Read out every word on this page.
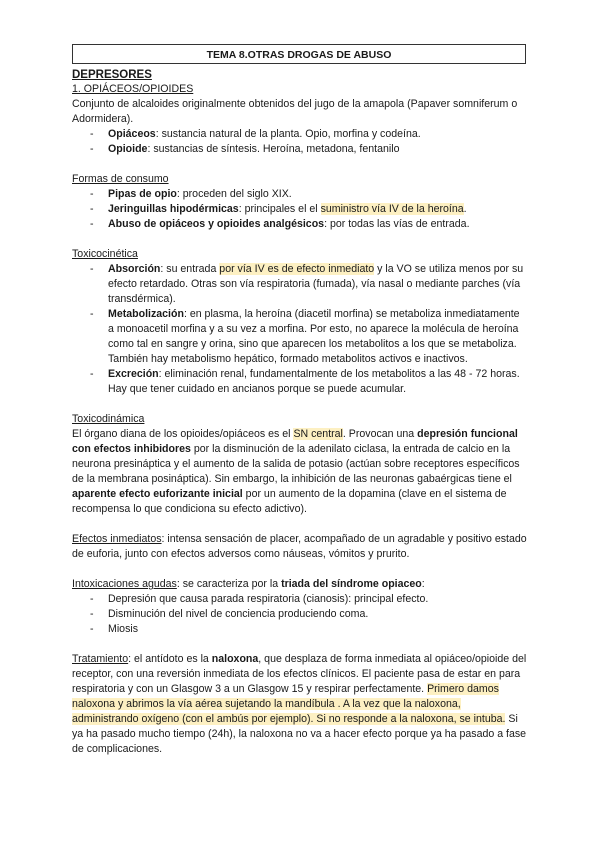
TEMA 8.OTRAS DROGAS DE ABUSO

DEPRESORES

1. OPIÁCEOS/OPIOIDES

Conjunto de alcaloides originalmente obtenidos del jugo de la amapola (Papaver somniferum o Adormidera).

- Opiáceos: sustancia natural de la planta. Opio, morfina y codeína.
- Opioide: sustancias de síntesis. Heroína, metadona, fentanilo

Formas de consumo

- Pipas de opio: proceden del siglo XIX.
- Jeringuillas hipodérmicas: principales el el suministro vía IV de la heroína.
- Abuso de opiáceos y opioides analgésicos: por todas las vías de entrada.

Toxicocinética

- Absorción: su entrada por vía IV es de efecto inmediato y la VO se utiliza menos por su efecto retardado. Otras son vía respiratoria (fumada), vía nasal o mediante parches (vía transdérmica).
- Metabolización: en plasma, la heroína (diacetil morfina) se metaboliza inmediatamente a monoacetil morfina y a su vez a morfina. Por esto, no aparece la molécula de heroína como tal en sangre y orina, sino que aparecen los metabolitos a los que se metaboliza. También hay metabolismo hepático, formado metabolitos activos e inactivos.
- Excreción: eliminación renal, fundamentalmente de los metabolitos a las 48 - 72 horas. Hay que tener cuidado en ancianos porque se puede acumular.

Toxicodinámica

El órgano diana de los opioides/opiáceos es el SN central. Provocan una depresión funcional con efectos inhibidores por la disminución de la adenilato ciclasa, la entrada de calcio en la neurona presináptica y el aumento de la salida de potasio (actúan sobre receptores específicos de la membrana posináptica). Sin embargo, la inhibición de las neuronas gabaérgicas tiene el aparente efecto euforizante inicial por un aumento de la dopamina (clave en el sistema de recompensa lo que condiciona su efecto adictivo).

Efectos inmediatos: intensa sensación de placer, acompañado de un agradable y positivo estado de euforia, junto con efectos adversos como náuseas, vómitos y prurito.

Intoxicaciones agudas: se caracteriza por la triada del síndrome opiaceo:

- Depresión que causa parada respiratoria (cianosis): principal efecto.
- Disminución del nivel de conciencia produciendo coma.
- Miosis

Tratamiento: el antídoto es la naloxona, que desplaza de forma inmediata al opiáceo/opioide del receptor, con una reversión inmediata de los efectos clínicos. El paciente pasa de estar en para respiratoria y con un Glasgow 3 a un Glasgow 15 y respirar perfectamente. Primero damos naloxona y abrimos la vía aérea sujetando la mandíbula . A la vez que la naloxona, administrando oxígeno (con el ambús por ejemplo). Si no responde a la naloxona, se intuba. Si ya ha pasado mucho tiempo (24h), la naloxona no va a hacer efecto porque ya ha pasado a fase de complicaciones.
